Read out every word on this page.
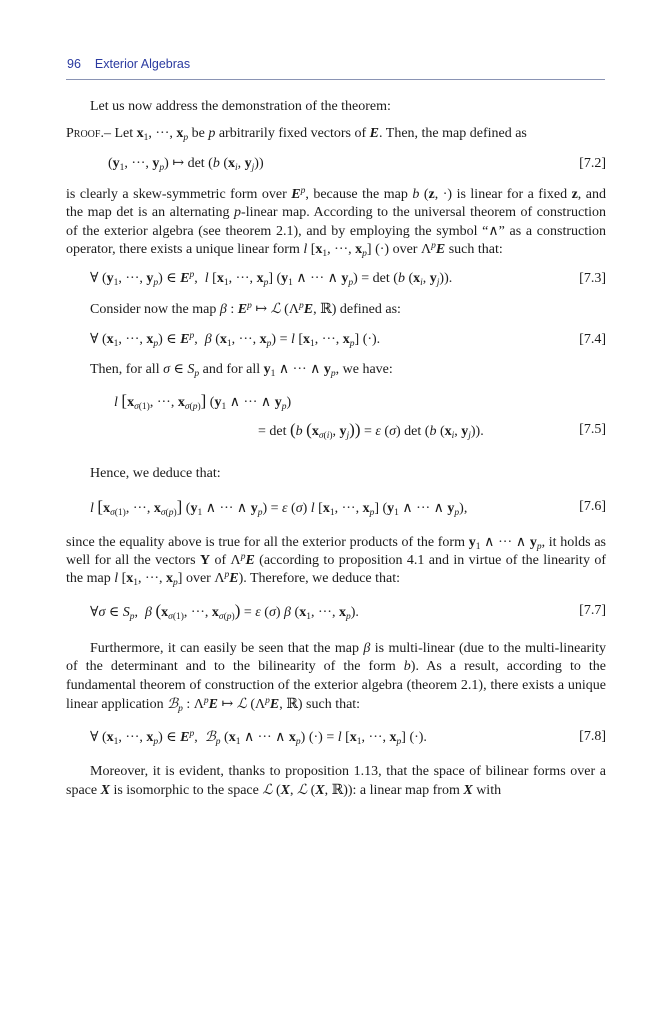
96 Exterior Algebras

Let us now address the demonstration of the theorem:

Proof.– Let $x_1$, ···, $x_p$ be p arbitrarily fixed vectors of E. Then, the map defined as

($y_1$, ···, $y_p$) ↦ det (b ($x_i$, $y_j$))	[7.2]

is clearly a skew-symmetric form over $E^p$, because the map b (z, ·) is linear for a fixed z, and the map det is an alternating p-linear map. According to the universal theorem of construction of the exterior algebra (see theorem 2.1), and by employing the symbol “∧” as a construction operator, there exists a unique linear form l [$x_1$, ···, $x_p$] (·) over $\Lambda^pE$ such that:

∀ ($y_1$, ···, $y_p$) ∈ $E^p$,  l [$x_1$, ···, $x_p$] ($y_1$ ∧ ··· ∧ $y_p) = \det (b$ ($x_i$, $y_j$)).	[7.3]

Consider now the map β : $E^p$ ↦ ℒ ($\Lambda^pE$, ℝ) defined as:

∀ ($x_1$, ···, $x_p$) ∈ $E^p$,  β ($x_1$, ···, $x_p) = l$ [$x_1$, ···, $x_p$] (·).	[7.4]

Then, for all σ ∈ $S_p$ and for all $y_1$ ∧ ··· ∧ $y_p$, we have:

l [$x_{\sigma(1)}$, ···, $x_{\sigma(p)}$] ($y_1$ ∧ ··· ∧ $y_p$)
= det (b ($x_{\sigma(i)}$, $y_j)) = \varepsilon$ (σ) det (b ($x_i$, $y_j$)).	[7.5]

Hence, we deduce that:

l [$x_{\sigma(1)}$, ···, $x_{\sigma(p)}$] ($y_1$ ∧ ··· ∧ $y_p) = \varepsilon$ (σ) l [$x_1$, ···, $x_p$] ($y_1$ ∧ ··· ∧ $y_p$),	[7.6]

since the equality above is true for all the exterior products of the form $y_1$ ∧ ··· ∧ $y_p$, it holds as well for all the vectors Y of $\Lambda^pE$ (according to proposition 4.1 and in virtue of the linearity of the map l [$x_1$, ···, $x_p$] over $\Lambda^pE$). Therefore, we deduce that:

∀σ ∈ $S_p$,  β ($x_{\sigma(1)}$, ···, $x_{\sigma(p)}) = \varepsilon$ (σ) β ($x_1$, ···, $x_p$).	[7.7]

Furthermore, it can easily be seen that the map β is multi-linear (due to the multi-linearity of the determinant and to the bilinearity of the form b). As a result, according to the fundamental theorem of construction of the exterior algebra (theorem 2.1), there exists a unique linear application ℬ$_p$ : $\Lambda^pE$ ↦ ℒ ($\Lambda^pE$, ℝ) such that:

∀ ($x_1$, ···, $x_p$) ∈ $E^p$,  ℬ$_p$ ($x_1$ ∧ ··· ∧ $x_p$) (·) = l [$x_1$, ···, $x_p$] (·).	[7.8]

Moreover, it is evident, thanks to proposition 1.13, that the space of bilinear forms over a space X is isomorphic to the space ℒ (X, ℒ (X, ℝ)): a linear map from X with
